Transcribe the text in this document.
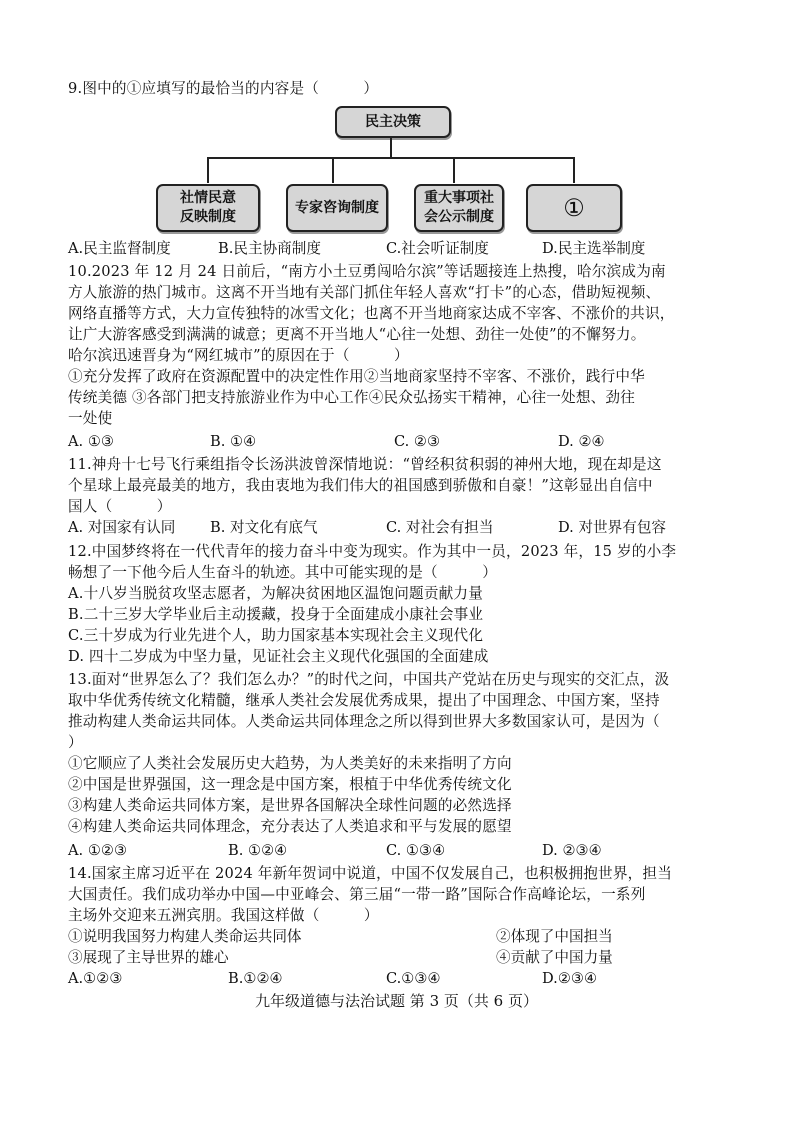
9.图中的①应填写的最恰当的内容是（　　　）
民主决策
社情民意
反映制度
专家咨询制度
重大事项社
会公示制度	①
A.民主监督制度	B.民主协商制度	C.社会听证制度	D.民主选举制度
10.2023 年 12 月 24 日前后，“南方小土豆勇闯哈尔滨”等话题接连上热搜，哈尔滨成为南
方人旅游的热门城市。这离不开当地有关部门抓住年轻人喜欢“打卡”的心态，借助短视频、
网络直播等方式，大力宣传独特的冰雪文化；也离不开当地商家达成不宰客、不涨价的共识，
让广大游客感受到满满的诚意；更离不开当地人“心往一处想、劲往一处使”的不懈努力。
哈尔滨迅速晋身为“网红城市”的原因在于（　　　）
①充分发挥了政府在资源配置中的决定性作用②当地商家坚持不宰客、不涨价，践行中华
传统美德 ③各部门把支持旅游业作为中心工作④民众弘扬实干精神，心往一处想、劲往
一处使
A. ①③	B. ①④	C. ②③	D. ②④
11.神舟十七号飞行乘组指令长汤洪波曾深情地说：“曾经积贫积弱的神州大地，现在却是这
个星球上最亮最美的地方，我由衷地为我们伟大的祖国感到骄傲和自豪！”这彰显出自信中
国人（　　　）
A. 对国家有认同 B. 对文化有底气	C. 对社会有担当	D. 对世界有包容
12.中国梦终将在一代代青年的接力奋斗中变为现实。作为其中一员，2023 年，15 岁的小李
畅想了一下他今后人生奋斗的轨迹。其中可能实现的是（　　　）
A.十八岁当脱贫攻坚志愿者，为解决贫困地区温饱问题贡献力量
B.二十三岁大学毕业后主动援藏，投身于全面建成小康社会事业
C.三十岁成为行业先进个人，助力国家基本实现社会主义现代化
D. 四十二岁成为中坚力量，见证社会主义现代化强国的全面建成
13.面对“世界怎么了？我们怎么办？”的时代之问，中国共产党站在历史与现实的交汇点，汲
取中华优秀传统文化精髓，继承人类社会发展优秀成果，提出了中国理念、中国方案，坚持
推动构建人类命运共同体。人类命运共同体理念之所以得到世界大多数国家认可，是因为（
）
①它顺应了人类社会发展历史大趋势，为人类美好的未来指明了方向
②中国是世界强国，这一理念是中国方案，根植于中华优秀传统文化
③构建人类命运共同体方案，是世界各国解决全球性问题的必然选择
④构建人类命运共同体理念，充分表达了人类追求和平与发展的愿望
A. ①②③	B. ①②④	C. ①③④	D. ②③④
14.国家主席习近平在 2024 年新年贺词中说道，中国不仅发展自己，也积极拥抱世界，担当
大国责任。我们成功举办中国—中亚峰会、第三届“一带一路”国际合作高峰论坛，一系列
主场外交迎来五洲宾朋。我国这样做（　　　）
①说明我国努力构建人类命运共同体	②体现了中国担当
③展现了主导世界的雄心	④贡献了中国力量
A.①②③	B.①②④	C.①③④	D.②③④
九年级道德与法治试题 第 3 页（共 6 页）
